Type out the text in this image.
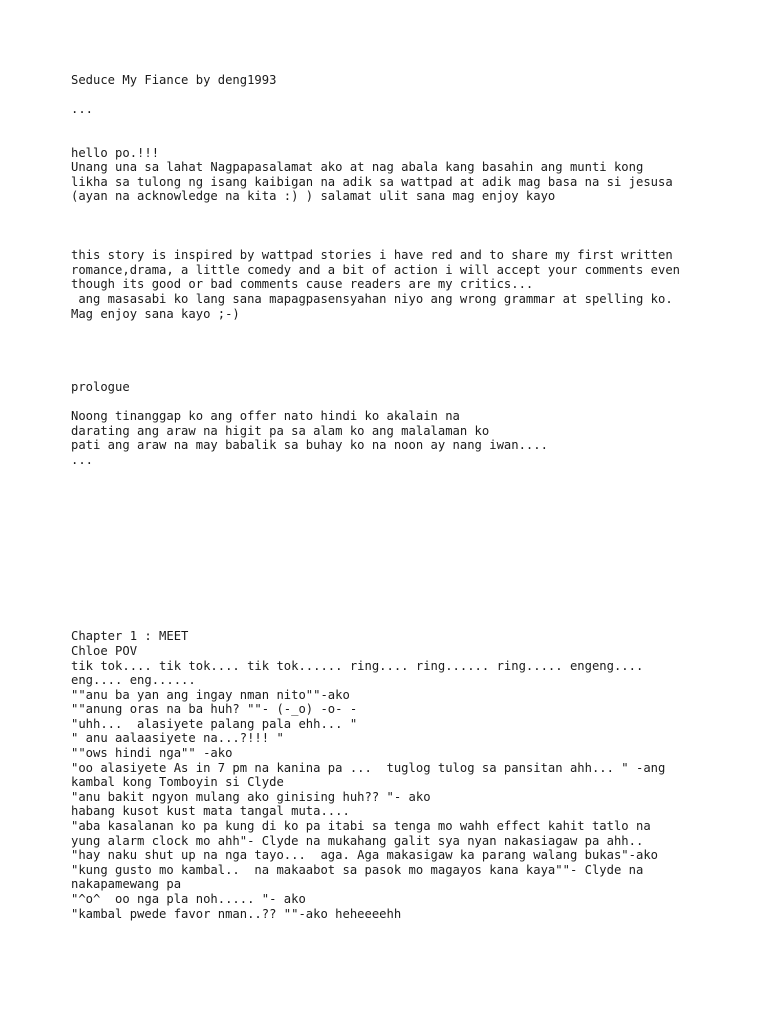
Seduce My Fiance by deng1993

...

hello po.!!!

Unang una sa lahat Nagpapasalamat ako at nag abala kang basahin ang munti kong

likha sa tulong ng isang kaibigan na adik sa wattpad at adik mag basa na si jesusa

(ayan na acknowledge na kita :) ) salamat ulit sana mag enjoy kayo

this story is inspired by wattpad stories i have red and to share my first written

romance,drama, a little comedy and a bit of action i will accept your comments even

though its good or bad comments cause readers are my critics...

ang masasabi ko lang sana mapagpasensyahan niyo ang wrong grammar at spelling ko.

Mag enjoy sana kayo ;-)

prologue

Noong tinanggap ko ang offer nato hindi ko akalain na

darating ang araw na higit pa sa alam ko ang malalaman ko

pati ang araw na may babalik sa buhay ko na noon ay nang iwan....

...

Chapter 1 : MEET

Chloe POV

tik tok.... tik tok.... tik tok...... ring.... ring...... ring..... engeng....

eng.... eng......

""anu ba yan ang ingay nman nito""-ako

""anung oras na ba huh? ""- (-_o) -o- -

"uhh...  alasiyete palang pala ehh... "

" anu aalaasiyete na...?!!! "

""ows hindi nga"" -ako

"oo alasiyete As in 7 pm na kanina pa ...  tuglog tulog sa pansitan ahh... " -ang

kambal kong Tomboyin si Clyde

"anu bakit ngyon mulang ako ginising huh?? "- ako

habang kusot kust mata tangal muta....

"aba kasalanan ko pa kung di ko pa itabi sa tenga mo wahh effect kahit tatlo na

yung alarm clock mo ahh"- Clyde na mukahang galit sya nyan nakasiagaw pa ahh..

"hay naku shut up na nga tayo...  aga. Aga makasigaw ka parang walang bukas"-ako

"kung gusto mo kambal..  na makaabot sa pasok mo magayos kana kaya""- Clyde na

nakapamewang pa

"^o^  oo nga pla noh..... "- ako

"kambal pwede favor nman..?? ""-ako heheeeehh
